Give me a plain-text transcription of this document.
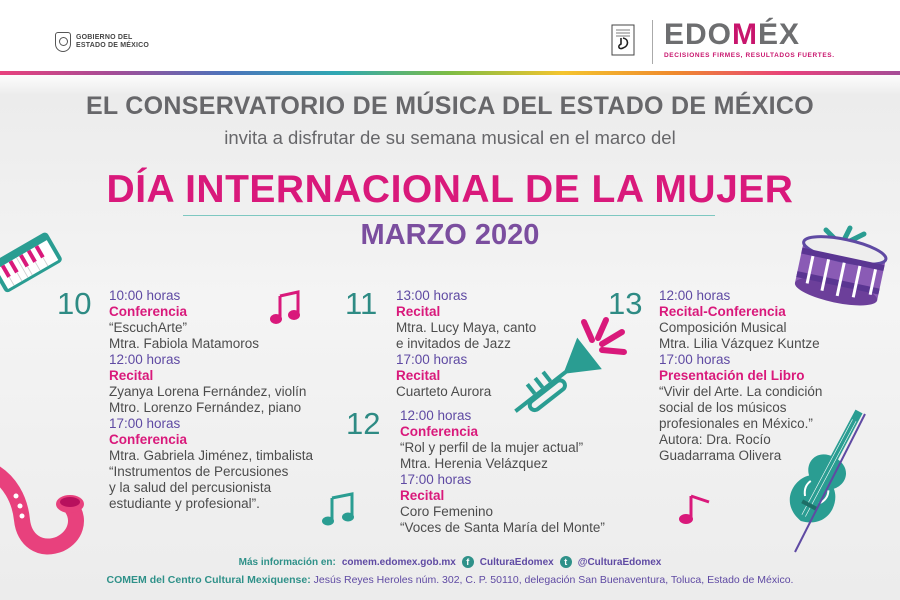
GOBIERNO DEL
ESTADO DE MÉXICO	EDOMÉX
DECISIONES FIRMES, RESULTADOS FUERTES.
EL CONSERVATORIO DE MÚSICA DEL ESTADO DE MÉXICO
invita a disfrutar de su semana musical en el marco del
DÍA INTERNACIONAL DE LA MUJER
MARZO 2020
10	11
12
13
10:00 horas
Conferencia
“EscuchArte”
Mtra. Fabiola Matamoros
12:00 horas
Recital
Zyanya Lorena Fernández, violín
Mtro. Lorenzo Fernández, piano
17:00 horas
Conferencia
Mtra. Gabriela Jiménez, timbalista
“Instrumentos de Percusiones
y la salud del percusionista
estudiante y profesional”.
13:00 horas
Recital
Mtra. Lucy Maya, canto
e invitados de Jazz
17:00 horas
Recital
Cuarteto Aurora
12:00 horas
Conferencia
“Rol y perfil de la mujer actual”
Mtra. Herenia Velázquez
17:00 horas
Recital
Coro Femenino
“Voces de Santa María del Monte”
12:00 horas
Recital-Conferencia
Composición Musical
Mtra. Lilia Vázquez Kuntze
17:00 horas
Presentación del Libro
“Vivir del Arte. La condición
social de los músicos
profesionales en México.”
Autora: Dra. Rocío
Guadarrama Olivera
Más información en: comem.edomex.gob.mx	f	CulturaEdomex	t	@CulturaEdomex
COMEM del Centro Cultural Mexiquense: Jesús Reyes Heroles núm. 302, C. P. 50110, delegación San Buenaventura, Toluca, Estado de México.
